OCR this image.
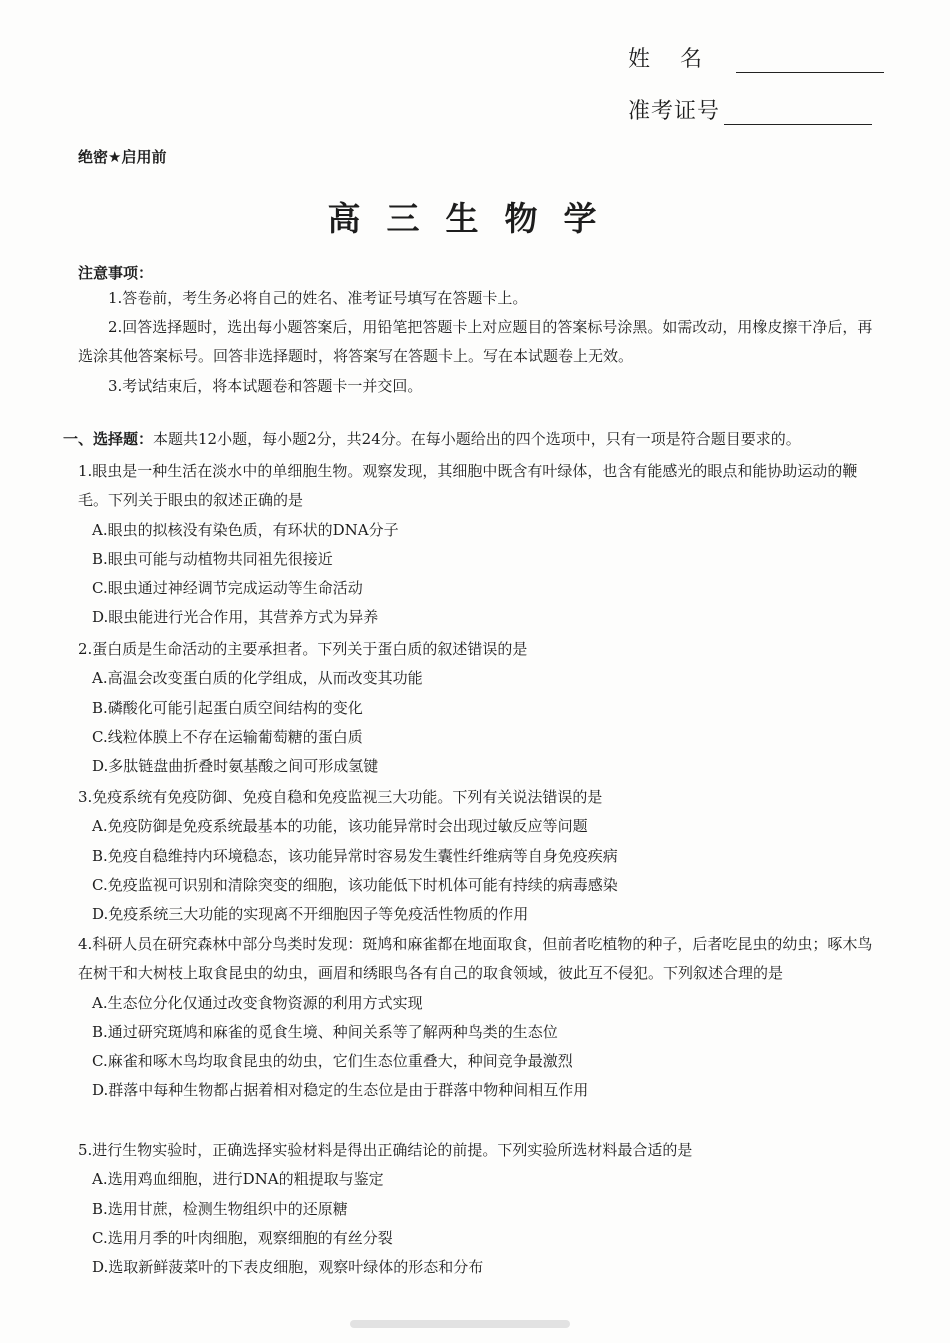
姓名
准考证号
绝密★启用前
高三生物学
注意事项：
1.答卷前，考生务必将自己的姓名、准考证号填写在答题卡上。
2.回答选择题时，选出每小题答案后，用铅笔把答题卡上对应题目的答案标号涂黑。如需改动，用橡皮擦干净后，再选涂其他答案标号。回答非选择题时，将答案写在答题卡上。写在本试题卷上无效。
3.考试结束后，将本试题卷和答题卡一并交回。
一、选择题：本题共12小题，每小题2分，共24分。在每小题给出的四个选项中，只有一项是符合题目要求的。
1.眼虫是一种生活在淡水中的单细胞生物。观察发现，其细胞中既含有叶绿体，也含有能感光的眼点和能协助运动的鞭毛。下列关于眼虫的叙述正确的是
A.眼虫的拟核没有染色质，有环状的DNA分子
B.眼虫可能与动植物共同祖先很接近
C.眼虫通过神经调节完成运动等生命活动
D.眼虫能进行光合作用，其营养方式为异养
2.蛋白质是生命活动的主要承担者。下列关于蛋白质的叙述错误的是
A.高温会改变蛋白质的化学组成，从而改变其功能
B.磷酸化可能引起蛋白质空间结构的变化
C.线粒体膜上不存在运输葡萄糖的蛋白质
D.多肽链盘曲折叠时氨基酸之间可形成氢键
3.免疫系统有免疫防御、免疫自稳和免疫监视三大功能。下列有关说法错误的是
A.免疫防御是免疫系统最基本的功能，该功能异常时会出现过敏反应等问题
B.免疫自稳维持内环境稳态，该功能异常时容易发生囊性纤维病等自身免疫疾病
C.免疫监视可识别和清除突变的细胞，该功能低下时机体可能有持续的病毒感染
D.免疫系统三大功能的实现离不开细胞因子等免疫活性物质的作用
4.科研人员在研究森林中部分鸟类时发现：斑鸠和麻雀都在地面取食，但前者吃植物的种子，后者吃昆虫的幼虫；啄木鸟在树干和大树枝上取食昆虫的幼虫，画眉和绣眼鸟各有自己的取食领域，彼此互不侵犯。下列叙述合理的是
A.生态位分化仅通过改变食物资源的利用方式实现
B.通过研究斑鸠和麻雀的觅食生境、种间关系等了解两种鸟类的生态位
C.麻雀和啄木鸟均取食昆虫的幼虫，它们生态位重叠大，种间竞争最激烈
D.群落中每种生物都占据着相对稳定的生态位是由于群落中物种间相互作用
5.进行生物实验时，正确选择实验材料是得出正确结论的前提。下列实验所选材料最合适的是
A.选用鸡血细胞，进行DNA的粗提取与鉴定
B.选用甘蔗，检测生物组织中的还原糖
C.选用月季的叶肉细胞，观察细胞的有丝分裂
D.选取新鲜菠菜叶的下表皮细胞，观察叶绿体的形态和分布
